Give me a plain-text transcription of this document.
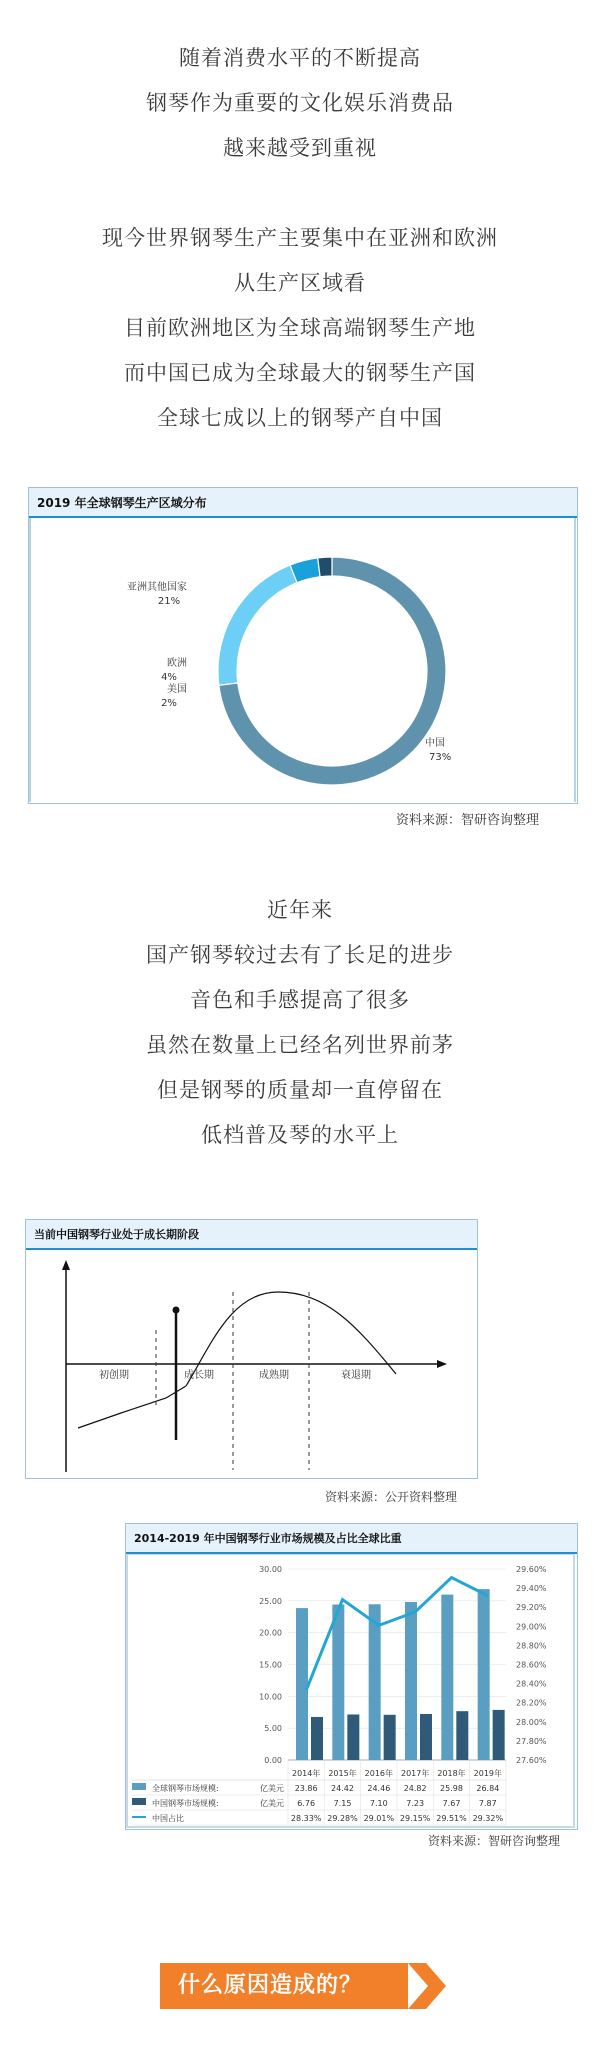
随着消费水平的不断提高
钢琴作为重要的文化娱乐消费品
越来越受到重视
现今世界钢琴生产主要集中在亚洲和欧洲
从生产区域看
目前欧洲地区为全球高端钢琴生产地
而中国已成为全球最大的钢琴生产国
全球七成以上的钢琴产自中国
2019 年全球钢琴生产区域分布
中国
73%
亚洲其他国家
21%
欧洲
4%
美国
2%
资料来源：智研咨询整理
近年来
国产钢琴较过去有了长足的进步
音色和手感提高了很多
虽然在数量上已经名列世界前茅
但是钢琴的质量却一直停留在
低档普及琴的水平上
当前中国钢琴行业处于成长期阶段
初创期	成长期	成熟期	衰退期
资料来源：公开资料整理
2014-2019 年中国钢琴行业市场规模及占比全球比重
0.00
5.00
10.00
15.00
20.00
25.00
30.00
27.60%
27.80%
28.00%
28.20%
28.40%
28.60%
28.80%
29.00%
29.20%
29.40%
29.60%
2014年 2015年 2016年 2017年 2018年 2019年
全球钢琴市场规模:	亿美元 23.86 24.42 24.46 24.82 25.98 26.84
中国钢琴市场规模:	亿美元 6.76 7.15 7.10 7.23 7.67 7.87
中国占比	28.33% 29.28% 29.01% 29.15% 29.51% 29.32%
资料来源：智研咨询整理
什么原因造成的？
